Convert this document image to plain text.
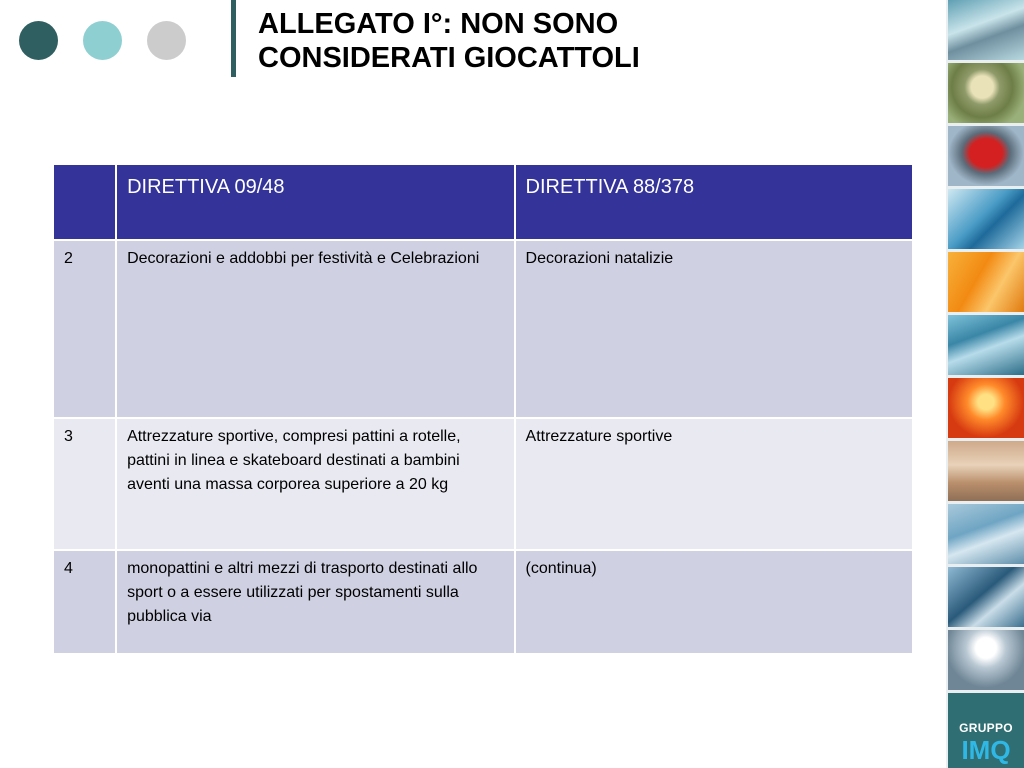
ALLEGATO I°: NON SONO
CONSIDERATI GIOCATTOLI
	DIRETTIVA 09/48	DIRETTIVA 88/378
2	Decorazioni e addobbi per festività e Celebrazioni	Decorazioni natalizie
3	Attrezzature sportive, compresi pattini a rotelle, pattini in linea e skateboard destinati a bambini aventi una massa corporea superiore a 20 kg	Attrezzature sportive
4	monopattini e altri mezzi di trasporto destinati allo sport o a essere utilizzati per spostamenti sulla pubblica via	(continua)
GRUPPO
IMQ
